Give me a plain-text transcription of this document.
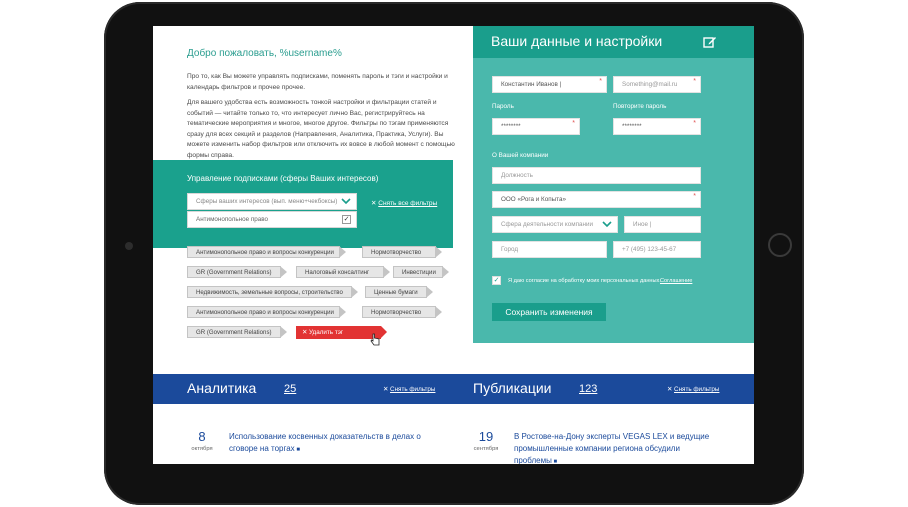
Добро пожаловать, %username%
Про то, как Вы можете управлять подписками, поменять пароль и тэги и настройки и календарь фильтров и прочее прочее.
Для вашего удобства есть возможность тонкой настройки и фильтрации статей и событий — читайте только то, что интересует лично Вас, регистрируйтесь на тематические мероприятия и многое, многое другое. Фильтры по тэгам применяются сразу для всех секций и разделов (Направления, Аналитика, Практика, Услуги). Вы можете изменить набор фильтров или отключить их вовсе в любой момент с помощью формы справа.
Управление подписками (сферы Ваших интересов)
Сферы ваших интересов (вып. меню+чекбоксы)
Антимонопольное право	✓
✕ Снять все фильтры
Антимонопольное право и вопросы конкуренции	Нормотворчество
GR (Government Relations)	Налоговый консалтинг	Инвестиции
Недвижимость, земельные вопросы, строительство	Ценные бумаги
Антимонопольное право и вопросы конкуренции	Нормотворчество
GR (Government Relations)	✕ Удалить тэг
Ваши данные и настройки
Константин Иванов |	*	Something@mail.ru *
Пароль	Повторите пароль
********	*	********	*
О Вашей компании
Должность
ООО «Рога и Копыта»	*
Сфера деятельности компании	Иное |
Город	+7 (495) 123-45-67
✓ Я даю согласие на обработку моих персональных данных. Соглашение
Сохранить изменения
Аналитика	25	✕ Снять фильтры	Публикации	123	✕ Снять фильтры
8
октября
Использование косвенных доказательств в делах о сговоре на торгах ■
19
сентября
В Ростове-на-Дону эксперты VEGAS LEX и ведущие промышленные компании региона обсудили проблемы ■
